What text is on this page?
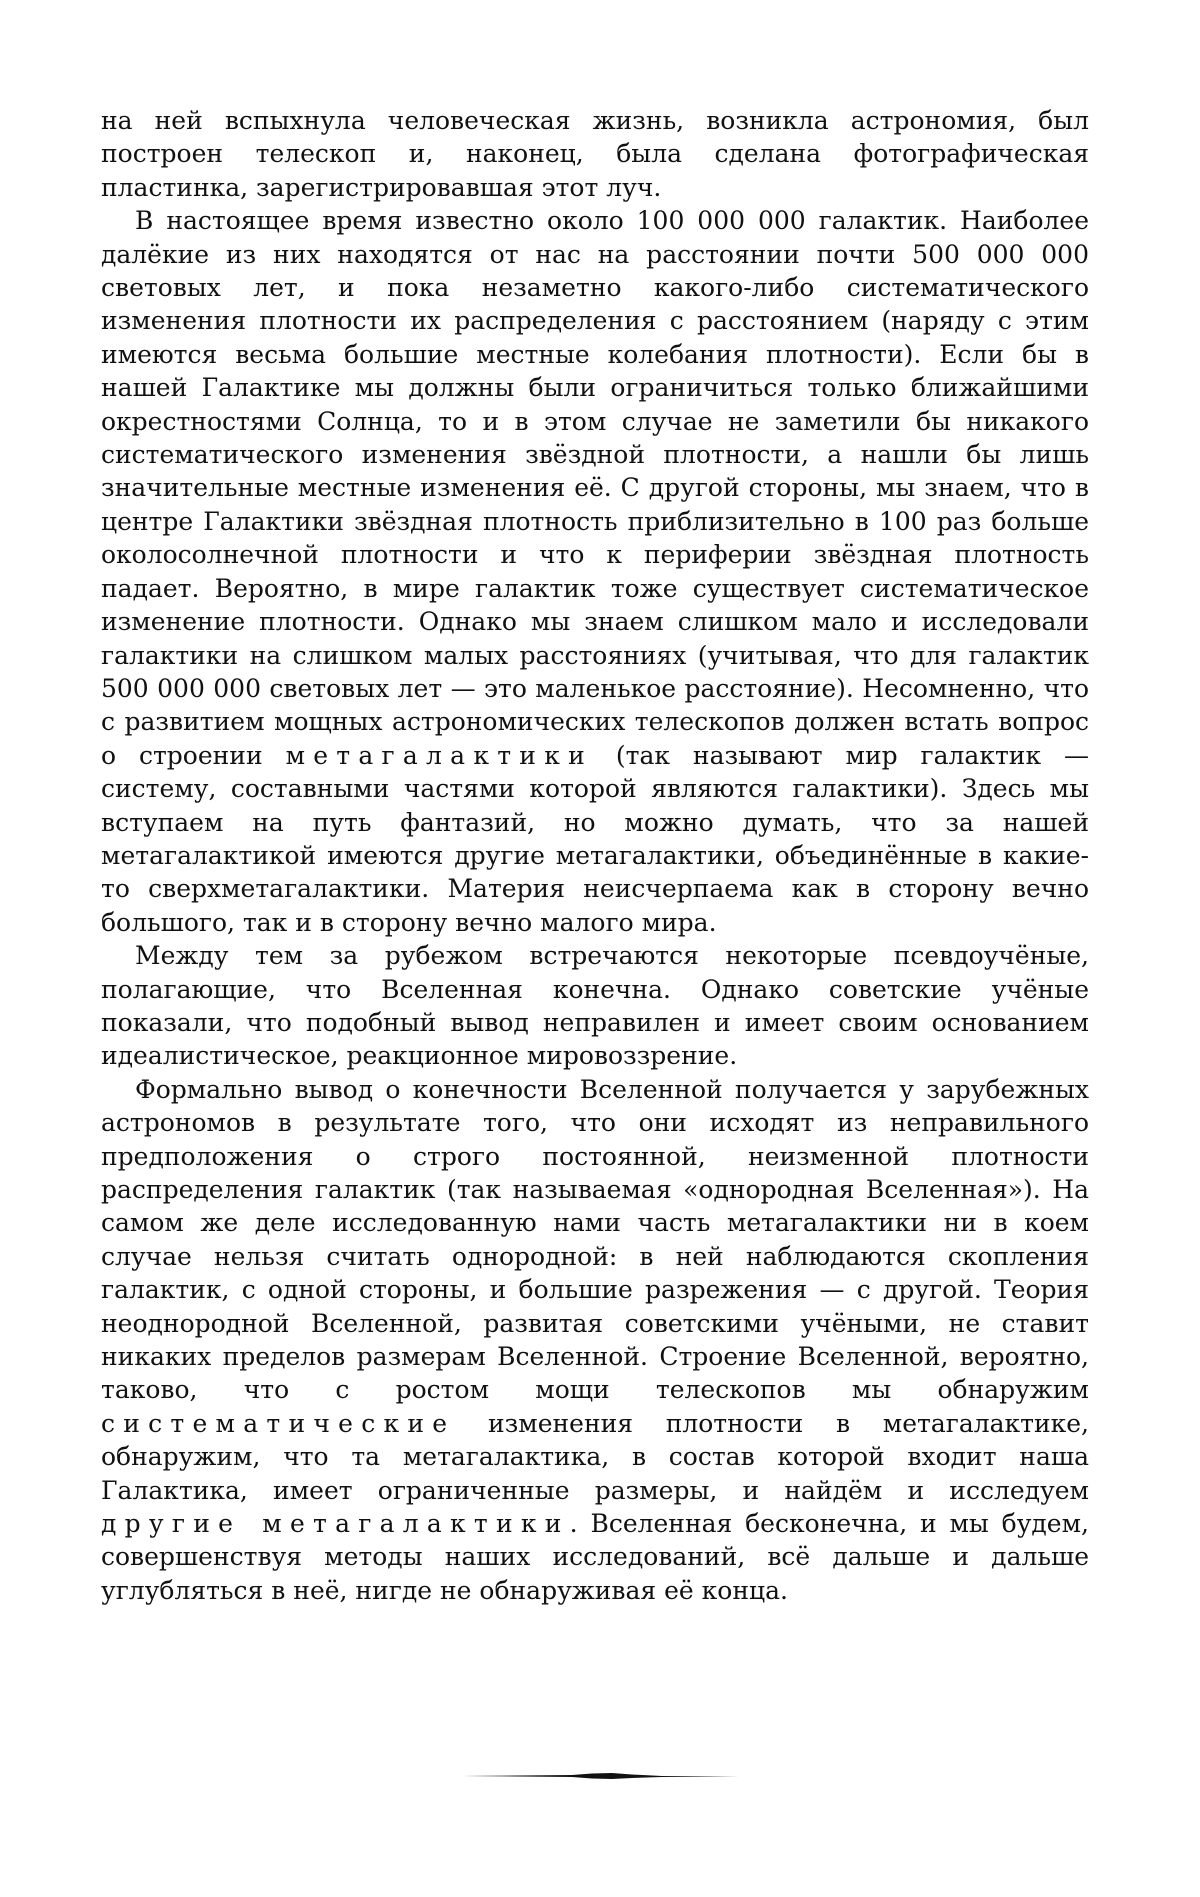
на ней вспыхнула человеческая жизнь, возникла астрономия, был построен телескоп и, наконец, была сделана фотографическая пластинка, зарегистрировавшая этот луч.

В настоящее время известно около 100 000 000 галактик. Наиболее далёкие из них находятся от нас на расстоянии почти 500 000 000 световых лет, и пока незаметно какого-либо систематического изменения плотности их распределения с расстоянием (наряду с этим имеются весьма большие местные колебания плотности). Если бы в нашей Галактике мы должны были ограничиться только ближайшими окрестностями Солнца, то и в этом случае не заметили бы никакого систематического изменения звёздной плотности, а нашли бы лишь значительные местные изменения её. С другой стороны, мы знаем, что в центре Галактики звёздная плотность приблизительно в 100 раз больше околосолнечной плотности и что к периферии звёздная плотность падает. Вероятно, в мире галактик тоже существует систематическое изменение плотности. Однако мы знаем слишком мало и исследовали галактики на слишком малых расстояниях (учитывая, что для галактик 500 000 000 световых лет — это маленькое расстояние). Несомненно, что с развитием мощных астрономических телескопов должен встать вопрос о строении метагалактики (так называют мир галактик — систему, составными частями которой являются галактики). Здесь мы вступаем на путь фантазий, но можно думать, что за нашей метагалактикой имеются другие метагалактики, объединённые в какие-то сверхметагалактики. Материя неисчерпаема как в сторону вечно большого, так и в сторону вечно малого мира.

Между тем за рубежом встречаются некоторые псевдоучёные, полагающие, что Вселенная конечна. Однако советские учёные показали, что подобный вывод неправилен и имеет своим основанием идеалистическое, реакционное мировоззрение.

Формально вывод о конечности Вселенной получается у зарубежных астрономов в результате того, что они исходят из неправильного предположения о строго постоянной, неизменной плотности распределения галактик (так называемая «однородная Вселенная»). На самом же деле исследованную нами часть метагалактики ни в коем случае нельзя считать однородной: в ней наблюдаются скопления галактик, с одной стороны, и большие разрежения — с другой. Теория неоднородной Вселенной, развитая советскими учёными, не ставит никаких пределов размерам Вселенной. Строение Вселенной, вероятно, таково, что с ростом мощи телескопов мы обнаружим систематические изменения плотности в метагалактике, обнаружим, что та метагалактика, в состав которой входит наша Галактика, имеет ограниченные размеры, и найдём и исследуем другие метагалактики. Вселенная бесконечна, и мы будем, совершенствуя методы наших исследований, всё дальше и дальше углубляться в неё, нигде не обнаруживая её конца.
